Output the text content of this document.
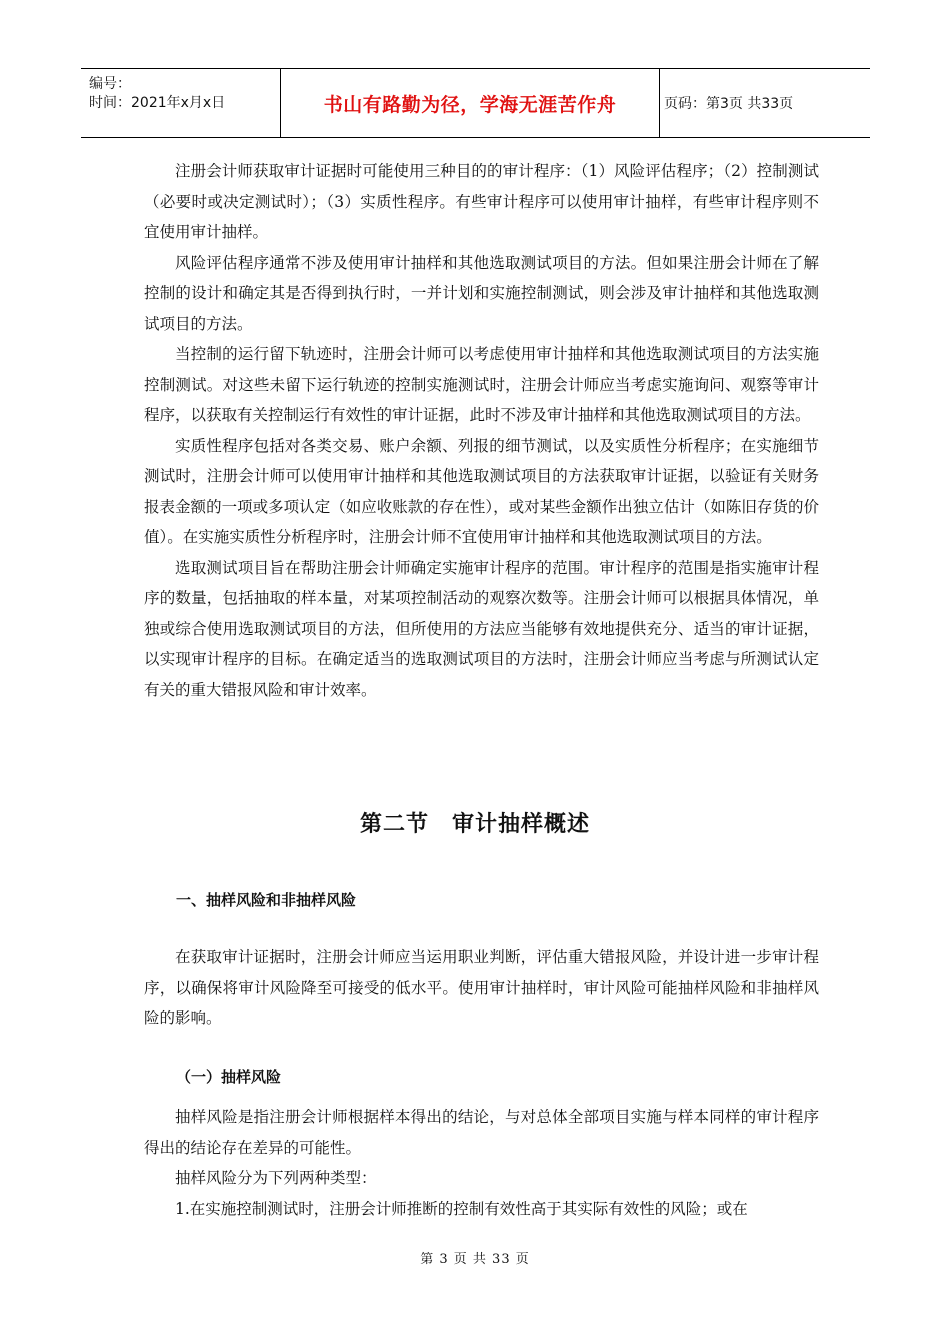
编号：
时间：2021年x月x日	书山有路勤为径，学海无涯苦作舟	页码：第3页 共33页

注册会计师获取审计证据时可能使用三种目的的审计程序：（1）风险评估程序；（2）控制测试（必要时或决定测试时）；（3）实质性程序。有些审计程序可以使用审计抽样，有些审计程序则不宜使用审计抽样。

风险评估程序通常不涉及使用审计抽样和其他选取测试项目的方法。但如果注册会计师在了解控制的设计和确定其是否得到执行时，一并计划和实施控制测试，则会涉及审计抽样和其他选取测试项目的方法。

当控制的运行留下轨迹时，注册会计师可以考虑使用审计抽样和其他选取测试项目的方法实施控制测试。对这些未留下运行轨迹的控制实施测试时，注册会计师应当考虑实施询问、观察等审计程序，以获取有关控制运行有效性的审计证据，此时不涉及审计抽样和其他选取测试项目的方法。

实质性程序包括对各类交易、账户余额、列报的细节测试，以及实质性分析程序；在实施细节测试时，注册会计师可以使用审计抽样和其他选取测试项目的方法获取审计证据，以验证有关财务报表金额的一项或多项认定（如应收账款的存在性），或对某些金额作出独立估计（如陈旧存货的价值）。在实施实质性分析程序时，注册会计师不宜使用审计抽样和其他选取测试项目的方法。

选取测试项目旨在帮助注册会计师确定实施审计程序的范围。审计程序的范围是指实施审计程序的数量，包括抽取的样本量，对某项控制活动的观察次数等。注册会计师可以根据具体情况，单独或综合使用选取测试项目的方法，但所使用的方法应当能够有效地提供充分、适当的审计证据，以实现审计程序的目标。在确定适当的选取测试项目的方法时，注册会计师应当考虑与所测试认定有关的重大错报风险和审计效率。

第二节　审计抽样概述
一、抽样风险和非抽样风险

在获取审计证据时，注册会计师应当运用职业判断，评估重大错报风险，并设计进一步审计程序，以确保将审计风险降至可接受的低水平。使用审计抽样时，审计风险可能抽样风险和非抽样风险的影响。

（一）抽样风险

抽样风险是指注册会计师根据样本得出的结论，与对总体全部项目实施与样本同样的审计程序得出的结论存在差异的可能性。

抽样风险分为下列两种类型：

1.在实施控制测试时，注册会计师推断的控制有效性高于其实际有效性的风险；或在

第 3 页 共 33 页
